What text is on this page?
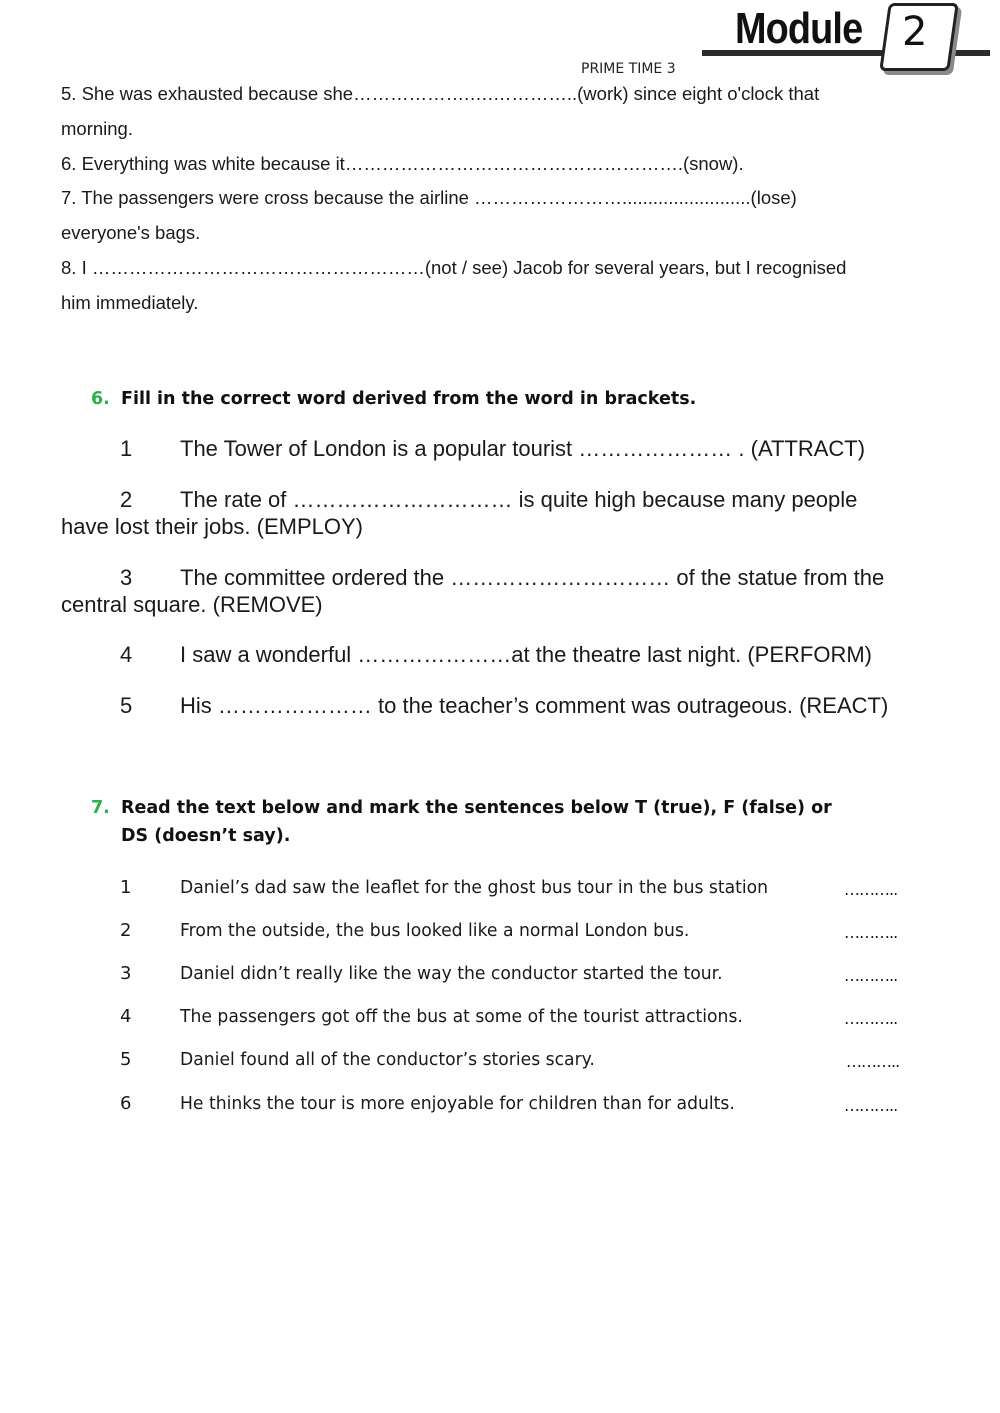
Module 2
PRIME TIME 3
5. She was exhausted because she……………….….…………..(work) since eight o'clock that
morning.
6. Everything was white because it……………………………………………….(snow).
7. The passengers were cross because the airline …………………….........................(lose)
everyone's bags.
8. I ………………………………………………(not / see) Jacob for several years, but I recognised
him immediately.
6. Fill in the correct word derived from the word in brackets.
1 The Tower of London is a popular tourist ………………… . (ATTRACT)
2 The rate of ………………………… is quite high because many people
have lost their jobs. (EMPLOY)
3 The committee ordered the ………………………… of the statue from the
central square. (REMOVE)
4 I saw a wonderful …………………at the theatre last night. (PERFORM)
5 His ………………… to the teacher’s comment was outrageous. (REACT)
7. Read the text below and mark the sentences below T (true), F (false) or
DS (doesn’t say).
1	Daniel’s dad saw the leaflet for the ghost bus tour in the bus station	………..
2	From the outside, the bus looked like a normal London bus.	………..
3	Daniel didn’t really like the way the conductor started the tour.	………..
4	The passengers got off the bus at some of the tourist attractions.	………..
5	Daniel found all of the conductor’s stories scary.	………..
6	He thinks the tour is more enjoyable for children than for adults.	………..
